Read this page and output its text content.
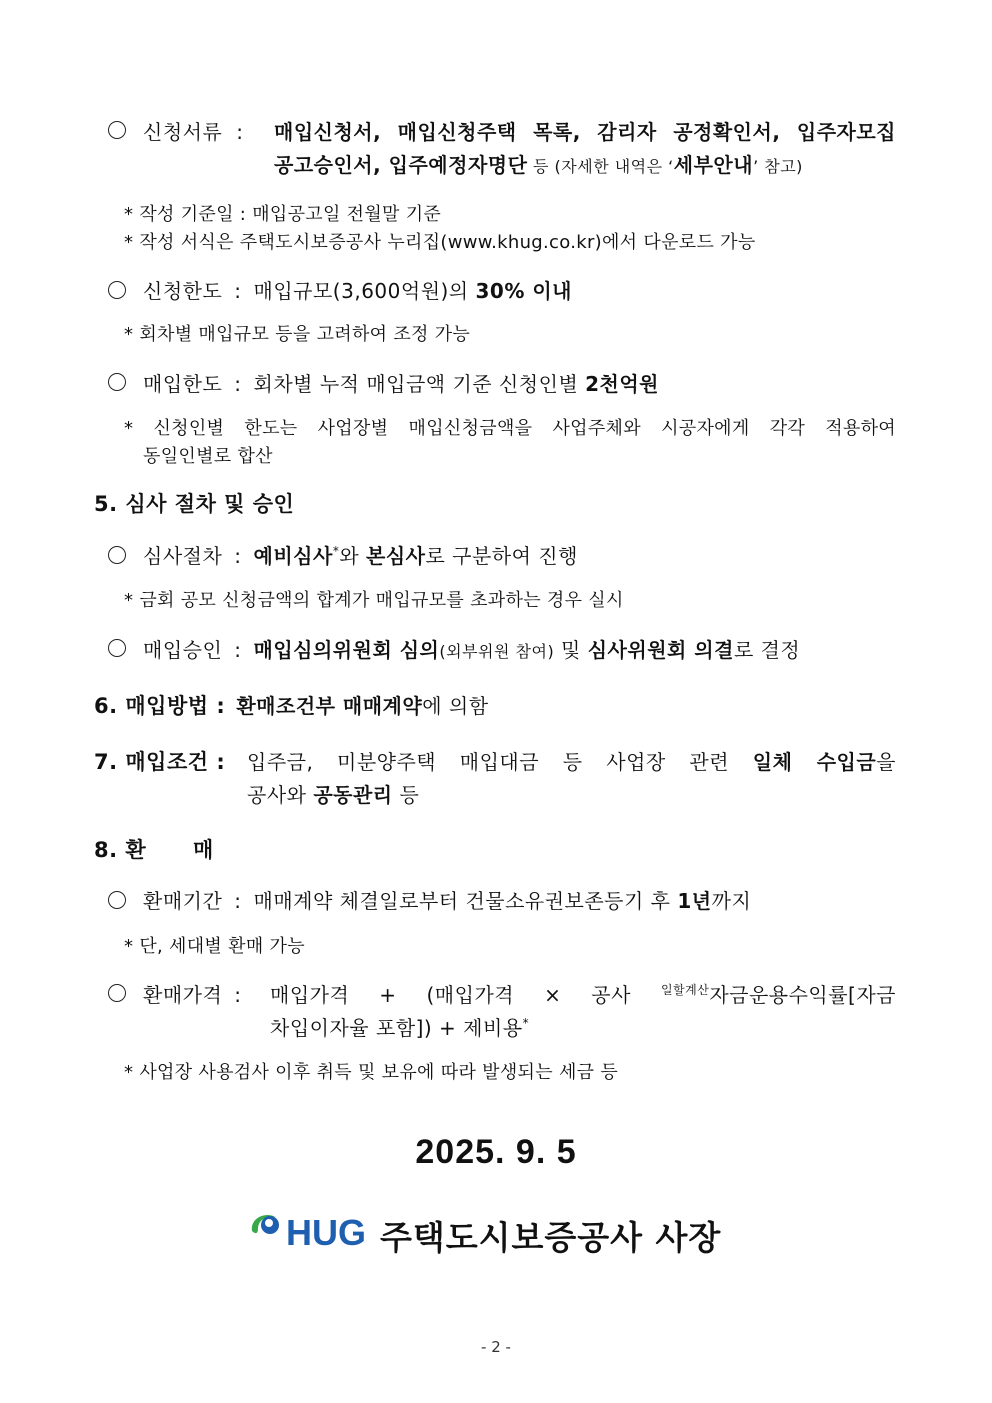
신청서류 : 매입신청서, 매입신청주택 목록, 감리자 공정확인서, 입주자모집
공고승인서, 입주예정자명단 등 (자세한 내역은 ‘세부안내’ 참고)
* 작성 기준일 : 매입공고일 전월말 기준
* 작성 서식은 주택도시보증공사 누리집(www.khug.co.kr)에서 다운로드 가능
신청한도 : 매입규모(3,600억원)의 30% 이내
* 회차별 매입규모 등을 고려하여 조정 가능
매입한도 : 회차별 누적 매입금액 기준 신청인별 2천억원
* 신청인별 한도는 사업장별 매입신청금액을 사업주체와 시공자에게 각각 적용하여
동일인별로 합산
5. 심사 절차 및 승인
심사절차 : 예비심사*와 본심사로 구분하여 진행
* 금회 공모 신청금액의 합계가 매입규모를 초과하는 경우 실시
매입승인 : 매입심의위원회 심의(외부위원 참여) 및 심사위원회 의결로 결정
6. 매입방법 : 환매조건부 매매계약에 의함
7. 매입조건 : 입주금, 미분양주택 매입대금 등 사업장 관련 일체 수입금을
공사와 공동관리 등
8. 환      매
환매기간 : 매매계약 체결일로부터 건물소유권보존등기 후 1년까지
* 단, 세대별 환매 가능
환매가격 : 매입가격 + (매입가격 × 공사 $^{일할계산}$자금운용수익률[자금
차입이자율 포함]) + 제비용*
* 사업장 사용검사 이후 취득 및 보유에 따라 발생되는 세금 등
2025. 9. 5
HUG 주택도시보증공사 사장
- 2 -
